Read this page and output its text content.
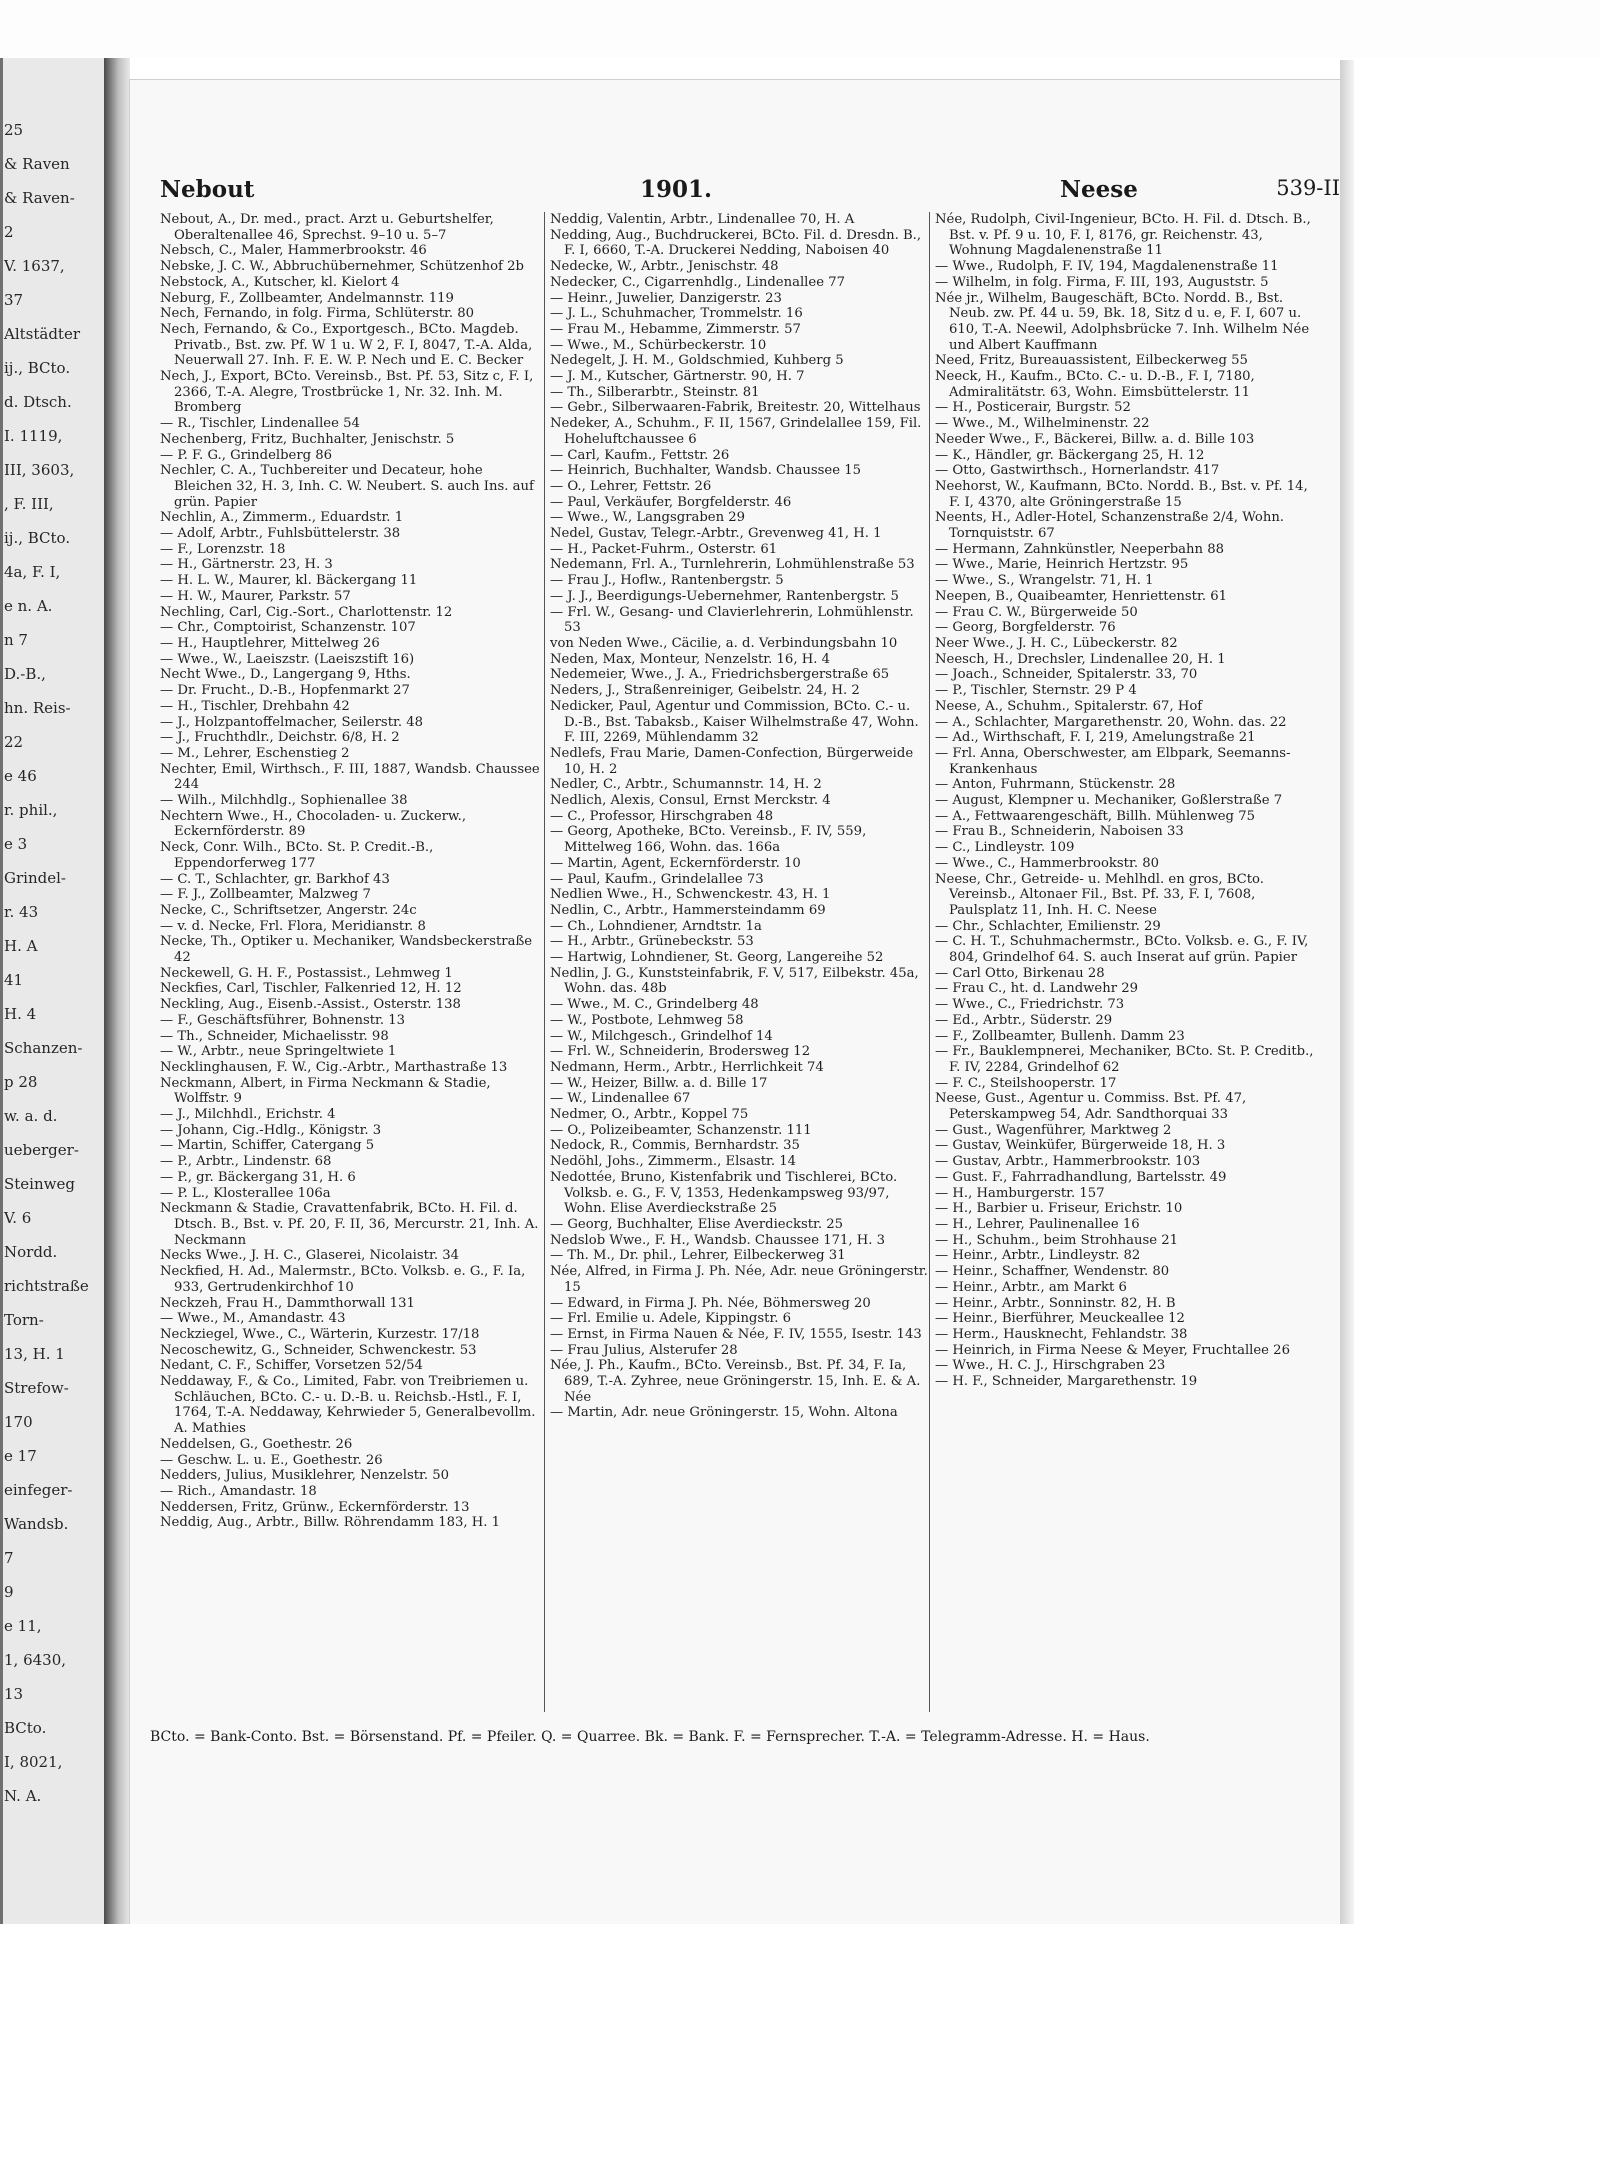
25
& Raven
& Raven-
2
V. 1637,
37
Altstädter
ij., BCto.
d. Dtsch.
I. 1119,
III, 3603,
, F. III,
ij., BCto.
4a, F. I,
e n. A.
n 7
D.-B.,
hn. Reis-
22
e 46
r. phil.,
e 3
Grindel-
r. 43
H. A
41
H. 4
Schanzen-
p 28
w. a. d.
ueberger-
Steinweg
V. 6
Nordd.
richtstraße
Torn-
13, H. 1
Strefow-
170
e 17
einfeger-
Wandsb.
7
9
e 11,
1, 6430,
13
BCto.
I, 8021,
N. A.
Nebout	1901.	Neese	539-II

Nebout, A., Dr. med., pract. Arzt u. Geburtshelfer, Oberaltenallee 46, Sprechst. 9–10 u. 5–7

Nebsch, C., Maler, Hammerbrookstr. 46

Nebske, J. C. W., Abbruchübernehmer, Schützenhof 2b

Nebstock, A., Kutscher, kl. Kielort 4

Neburg, F., Zollbeamter, Andelmannstr. 119

Nech, Fernando, in folg. Firma, Schlüterstr. 80

Nech, Fernando, & Co., Exportgesch., BCto. Magdeb. Privatb., Bst. zw. Pf. W 1 u. W 2, F. I, 8047, T.-A. Alda, Neuerwall 27. Inh. F. E. W. P. Nech und E. C. Becker

Nech, J., Export, BCto. Vereinsb., Bst. Pf. 53, Sitz c, F. I, 2366, T.-A. Alegre, Trostbrücke 1, Nr. 32. Inh. M. Bromberg

— R., Tischler, Lindenallee 54

Nechenberg, Fritz, Buchhalter, Jenischstr. 5

— P. F. G., Grindelberg 86

Nechler, C. A., Tuchbereiter und Decateur, hohe Bleichen 32, H. 3, Inh. C. W. Neubert. S. auch Ins. auf grün. Papier

Nechlin, A., Zimmerm., Eduardstr. 1

— Adolf, Arbtr., Fuhlsbüttelerstr. 38

— F., Lorenzstr. 18

— H., Gärtnerstr. 23, H. 3

— H. L. W., Maurer, kl. Bäckergang 11

— H. W., Maurer, Parkstr. 57

Nechling, Carl, Cig.-Sort., Charlottenstr. 12

— Chr., Comptoirist, Schanzenstr. 107

— H., Hauptlehrer, Mittelweg 26

— Wwe., W., Laeiszstr. (Laeiszstift 16)

Necht Wwe., D., Langergang 9, Hths.

— Dr. Frucht., D.-B., Hopfenmarkt 27

— H., Tischler, Drehbahn 42

— J., Holzpantoffelmacher, Seilerstr. 48

— J., Fruchthdlr., Deichstr. 6/8, H. 2

— M., Lehrer, Eschenstieg 2

Nechter, Emil, Wirthsch., F. III, 1887, Wandsb. Chaussee 244

— Wilh., Milchhdlg., Sophienallee 38

Nechtern Wwe., H., Chocoladen- u. Zuckerw., Eckernförderstr. 89

Neck, Conr. Wilh., BCto. St. P. Credit.-B., Eppendorferweg 177

— C. T., Schlachter, gr. Barkhof 43

— F. J., Zollbeamter, Malzweg 7

Necke, C., Schriftsetzer, Angerstr. 24c

— v. d. Necke, Frl. Flora, Meridianstr. 8

Necke, Th., Optiker u. Mechaniker, Wandsbeckerstraße 42

Neckewell, G. H. F., Postassist., Lehmweg 1

Neckfies, Carl, Tischler, Falkenried 12, H. 12

Neckling, Aug., Eisenb.-Assist., Osterstr. 138

— F., Geschäftsführer, Bohnenstr. 13

— Th., Schneider, Michaelisstr. 98

— W., Arbtr., neue Springeltwiete 1

Necklinghausen, F. W., Cig.-Arbtr., Marthastraße 13

Neckmann, Albert, in Firma Neckmann & Stadie, Wolffstr. 9

— J., Milchhdl., Erichstr. 4

— Johann, Cig.-Hdlg., Königstr. 3

— Martin, Schiffer, Catergang 5

— P., Arbtr., Lindenstr. 68

— P., gr. Bäckergang 31, H. 6

— P. L., Klosterallee 106a

Neckmann & Stadie, Cravattenfabrik, BCto. H. Fil. d. Dtsch. B., Bst. v. Pf. 20, F. II, 36, Mercurstr. 21, Inh. A. Neckmann

Necks Wwe., J. H. C., Glaserei, Nicolaistr. 34

Neckfied, H. Ad., Malermstr., BCto. Volksb. e. G., F. Ia, 933, Gertrudenkirchhof 10

Neckzeh, Frau H., Dammthorwall 131

— Wwe., M., Amandastr. 43

Neckziegel, Wwe., C., Wärterin, Kurzestr. 17/18

Necoschewitz, G., Schneider, Schwenckestr. 53

Nedant, C. F., Schiffer, Vorsetzen 52/54

Neddaway, F., & Co., Limited, Fabr. von Treibriemen u. Schläuchen, BCto. C.- u. D.-B. u. Reichsb.-Hstl., F. I, 1764, T.-A. Neddaway, Kehrwieder 5, Generalbevollm. A. Mathies

Neddelsen, G., Goethestr. 26

— Geschw. L. u. E., Goethestr. 26

Nedders, Julius, Musiklehrer, Nenzelstr. 50

— Rich., Amandastr. 18

Neddersen, Fritz, Grünw., Eckernförderstr. 13

Neddig, Aug., Arbtr., Billw. Röhrendamm 183, H. 1

Neddig, Valentin, Arbtr., Lindenallee 70, H. A

Nedding, Aug., Buchdruckerei, BCto. Fil. d. Dresdn. B., F. I, 6660, T.-A. Druckerei Nedding, Naboisen 40

Nedecke, W., Arbtr., Jenischstr. 48

Nedecker, C., Cigarrenhdlg., Lindenallee 77

— Heinr., Juwelier, Danzigerstr. 23

— J. L., Schuhmacher, Trommelstr. 16

— Frau M., Hebamme, Zimmerstr. 57

— Wwe., M., Schürbeckerstr. 10

Nedegelt, J. H. M., Goldschmied, Kuhberg 5

— J. M., Kutscher, Gärtnerstr. 90, H. 7

— Th., Silberarbtr., Steinstr. 81

— Gebr., Silberwaaren-Fabrik, Breitestr. 20, Wittelhaus

Nedeker, A., Schuhm., F. II, 1567, Grindelallee 159, Fil. Hoheluftchaussee 6

— Carl, Kaufm., Fettstr. 26

— Heinrich, Buchhalter, Wandsb. Chaussee 15

— O., Lehrer, Fettstr. 26

— Paul, Verkäufer, Borgfelderstr. 46

— Wwe., W., Langsgraben 29

Nedel, Gustav, Telegr.-Arbtr., Grevenweg 41, H. 1

— H., Packet-Fuhrm., Osterstr. 61

Nedemann, Frl. A., Turnlehrerin, Lohmühlenstraße 53

— Frau J., Hoflw., Rantenbergstr. 5

— J. J., Beerdigungs-Uebernehmer, Rantenbergstr. 5

— Frl. W., Gesang- und Clavierlehrerin, Lohmühlenstr. 53

von Neden Wwe., Cäcilie, a. d. Verbindungsbahn 10

Neden, Max, Monteur, Nenzelstr. 16, H. 4

Nedemeier, Wwe., J. A., Friedrichsbergerstraße 65

Neders, J., Straßenreiniger, Geibelstr. 24, H. 2

Nedicker, Paul, Agentur und Commission, BCto. C.- u. D.-B., Bst. Tabaksb., Kaiser Wilhelmstraße 47, Wohn. F. III, 2269, Mühlendamm 32

Nedlefs, Frau Marie, Damen-Confection, Bürgerweide 10, H. 2

Nedler, C., Arbtr., Schumannstr. 14, H. 2

Nedlich, Alexis, Consul, Ernst Merckstr. 4

— C., Professor, Hirschgraben 48

— Georg, Apotheke, BCto. Vereinsb., F. IV, 559, Mittelweg 166, Wohn. das. 166a

— Martin, Agent, Eckernförderstr. 10

— Paul, Kaufm., Grindelallee 73

Nedlien Wwe., H., Schwenckestr. 43, H. 1

Nedlin, C., Arbtr., Hammersteindamm 69

— Ch., Lohndiener, Arndtstr. 1a

— H., Arbtr., Grünebeckstr. 53

— Hartwig, Lohndiener, St. Georg, Langereihe 52

Nedlin, J. G., Kunststeinfabrik, F. V, 517, Eilbekstr. 45a, Wohn. das. 48b

— Wwe., M. C., Grindelberg 48

— W., Postbote, Lehmweg 58

— W., Milchgesch., Grindelhof 14

— Frl. W., Schneiderin, Brodersweg 12

Nedmann, Herm., Arbtr., Herrlichkeit 74

— W., Heizer, Billw. a. d. Bille 17

— W., Lindenallee 67

Nedmer, O., Arbtr., Koppel 75

— O., Polizeibeamter, Schanzenstr. 111

Nedock, R., Commis, Bernhardstr. 35

Nedöhl, Johs., Zimmerm., Elsastr. 14

Nedottée, Bruno, Kistenfabrik und Tischlerei, BCto. Volksb. e. G., F. V, 1353, Hedenkampsweg 93/97, Wohn. Elise Averdieckstraße 25

— Georg, Buchhalter, Elise Averdieckstr. 25

Nedslob Wwe., F. H., Wandsb. Chaussee 171, H. 3

— Th. M., Dr. phil., Lehrer, Eilbeckerweg 31

Née, Alfred, in Firma J. Ph. Née, Adr. neue Gröningerstr. 15

— Edward, in Firma J. Ph. Née, Böhmersweg 20

— Frl. Emilie u. Adele, Kippingstr. 6

— Ernst, in Firma Nauen & Née, F. IV, 1555, Isestr. 143

— Frau Julius, Alsterufer 28

Née, J. Ph., Kaufm., BCto. Vereinsb., Bst. Pf. 34, F. Ia, 689, T.-A. Zyhree, neue Gröningerstr. 15, Inh. E. & A. Née

— Martin, Adr. neue Gröningerstr. 15, Wohn. Altona

Née, Rudolph, Civil-Ingenieur, BCto. H. Fil. d. Dtsch. B., Bst. v. Pf. 9 u. 10, F. I, 8176, gr. Reichenstr. 43, Wohnung Magdalenenstraße 11

— Wwe., Rudolph, F. IV, 194, Magdalenenstraße 11

— Wilhelm, in folg. Firma, F. III, 193, Auguststr. 5

Née jr., Wilhelm, Baugeschäft, BCto. Nordd. B., Bst. Neub. zw. Pf. 44 u. 59, Bk. 18, Sitz d u. e, F. I, 607 u. 610, T.-A. Neewil, Adolphsbrücke 7. Inh. Wilhelm Née und Albert Kauffmann

Need, Fritz, Bureauassistent, Eilbeckerweg 55

Neeck, H., Kaufm., BCto. C.- u. D.-B., F. I, 7180, Admiralitätstr. 63, Wohn. Eimsbüttelerstr. 11

— H., Posticerair, Burgstr. 52

— Wwe., M., Wilhelminenstr. 22

Needer Wwe., F., Bäckerei, Billw. a. d. Bille 103

— K., Händler, gr. Bäckergang 25, H. 12

— Otto, Gastwirthsch., Hornerlandstr. 417

Neehorst, W., Kaufmann, BCto. Nordd. B., Bst. v. Pf. 14, F. I, 4370, alte Gröningerstraße 15

Neents, H., Adler-Hotel, Schanzenstraße 2/4, Wohn. Tornquiststr. 67

— Hermann, Zahnkünstler, Neeperbahn 88

— Wwe., Marie, Heinrich Hertzstr. 95

— Wwe., S., Wrangelstr. 71, H. 1

Neepen, B., Quaibeamter, Henriettenstr. 61

— Frau C. W., Bürgerweide 50

— Georg, Borgfelderstr. 76

Neer Wwe., J. H. C., Lübeckerstr. 82

Neesch, H., Drechsler, Lindenallee 20, H. 1

— Joach., Schneider, Spitalerstr. 33, 70

— P., Tischler, Sternstr. 29 P 4

Neese, A., Schuhm., Spitalerstr. 67, Hof

— A., Schlachter, Margarethenstr. 20, Wohn. das. 22

— Ad., Wirthschaft, F. I, 219, Amelungstraße 21

— Frl. Anna, Oberschwester, am Elbpark, Seemanns-Krankenhaus

— Anton, Fuhrmann, Stückenstr. 28

— August, Klempner u. Mechaniker, Goßlerstraße 7

— A., Fettwaarengeschäft, Billh. Mühlenweg 75

— Frau B., Schneiderin, Naboisen 33

— C., Lindleystr. 109

— Wwe., C., Hammerbrookstr. 80

Neese, Chr., Getreide- u. Mehlhdl. en gros, BCto. Vereinsb., Altonaer Fil., Bst. Pf. 33, F. I, 7608, Paulsplatz 11, Inh. H. C. Neese

— Chr., Schlachter, Emilienstr. 29

— C. H. T., Schuhmachermstr., BCto. Volksb. e. G., F. IV, 804, Grindelhof 64. S. auch Inserat auf grün. Papier

— Carl Otto, Birkenau 28

— Frau C., ht. d. Landwehr 29

— Wwe., C., Friedrichstr. 73

— Ed., Arbtr., Süderstr. 29

— F., Zollbeamter, Bullenh. Damm 23

— Fr., Bauklempnerei, Mechaniker, BCto. St. P. Creditb., F. IV, 2284, Grindelhof 62

— F. C., Steilshooperstr. 17

Neese, Gust., Agentur u. Commiss. Bst. Pf. 47, Peterskampweg 54, Adr. Sandthorquai 33

— Gust., Wagenführer, Marktweg 2

— Gustav, Weinküfer, Bürgerweide 18, H. 3

— Gustav, Arbtr., Hammerbrookstr. 103

— Gust. F., Fahrradhandlung, Bartelsstr. 49

— H., Hamburgerstr. 157

— H., Barbier u. Friseur, Erichstr. 10

— H., Lehrer, Paulinenallee 16

— H., Schuhm., beim Strohhause 21

— Heinr., Arbtr., Lindleystr. 82

— Heinr., Schaffner, Wendenstr. 80

— Heinr., Arbtr., am Markt 6

— Heinr., Arbtr., Sonninstr. 82, H. B

— Heinr., Bierführer, Meuckeallee 12

— Herm., Hausknecht, Fehlandstr. 38

— Heinrich, in Firma Neese & Meyer, Fruchtallee 26

— Wwe., H. C. J., Hirschgraben 23

— H. F., Schneider, Margarethenstr. 19

BCto. = Bank-Conto. Bst. = Börsenstand. Pf. = Pfeiler. Q. = Quarree. Bk. = Bank. F. = Fernsprecher. T.-A. = Telegramm-Adresse. H. = Haus.
